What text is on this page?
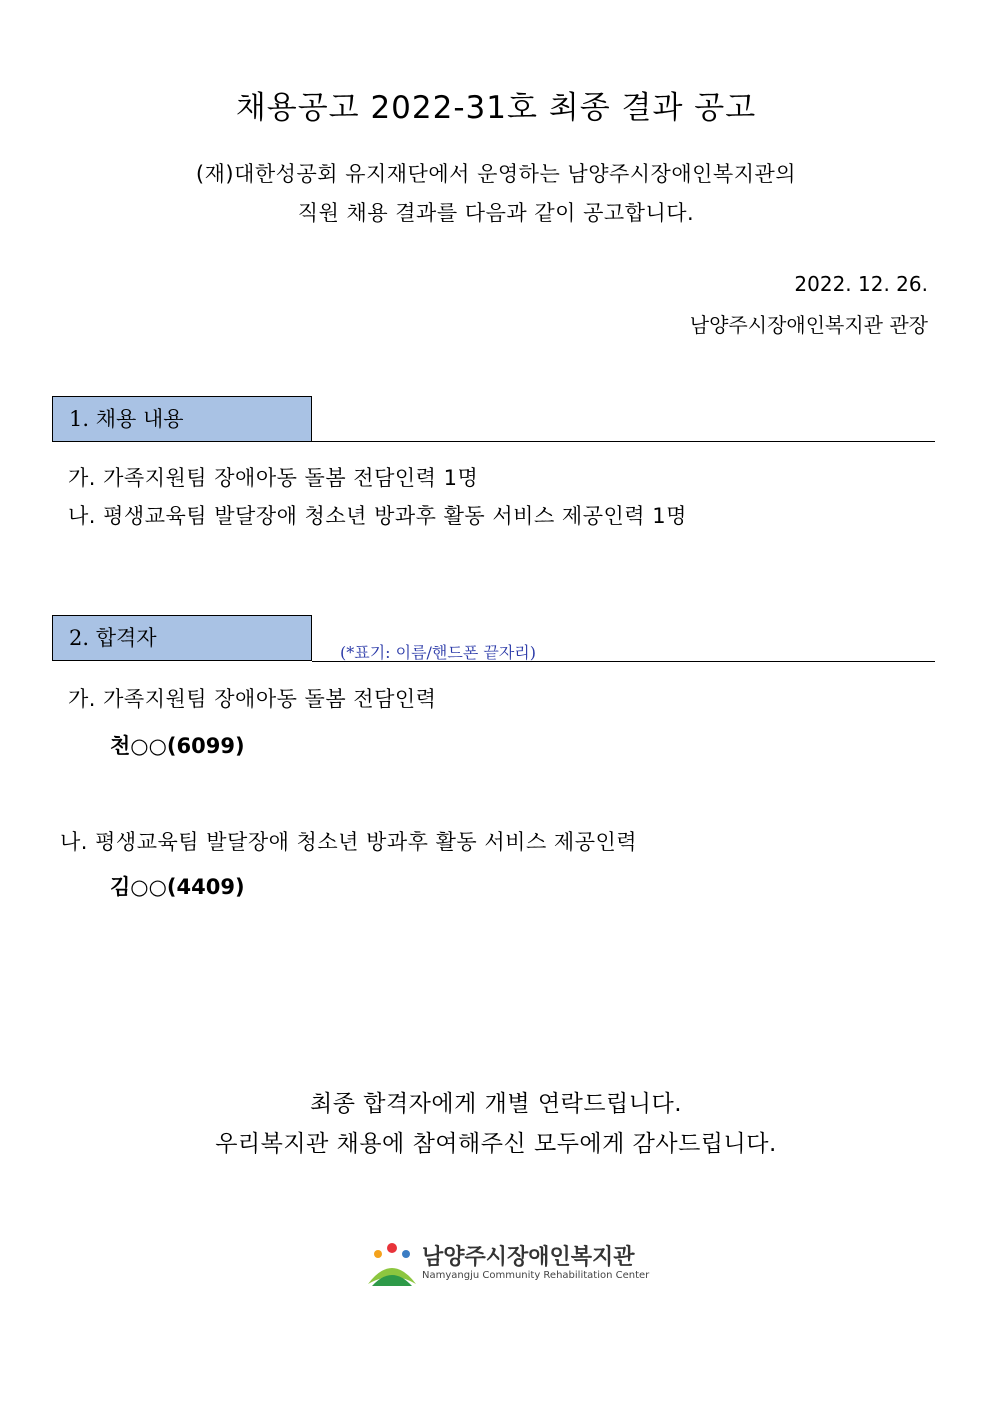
채용공고 2022-31호 최종 결과 공고
(재)대한성공회 유지재단에서 운영하는 남양주시장애인복지관의
직원 채용 결과를 다음과 같이 공고합니다.
2022. 12. 26.
남양주시장애인복지관 관장
1. 채용 내용
가. 가족지원팀 장애아동 돌봄 전담인력 1명
나. 평생교육팀 발달장애 청소년 방과후 활동 서비스 제공인력 1명
2. 합격자
(*표기: 이름/핸드폰 끝자리)
가. 가족지원팀 장애아동 돌봄 전담인력
천○○(6099)
나. 평생교육팀 발달장애 청소년 방과후 활동 서비스 제공인력
김○○(4409)
최종 합격자에게 개별 연락드립니다.
우리복지관 채용에 참여해주신 모두에게 감사드립니다.
남양주시장애인복지관
Namyangju Community Rehabilitation Center
